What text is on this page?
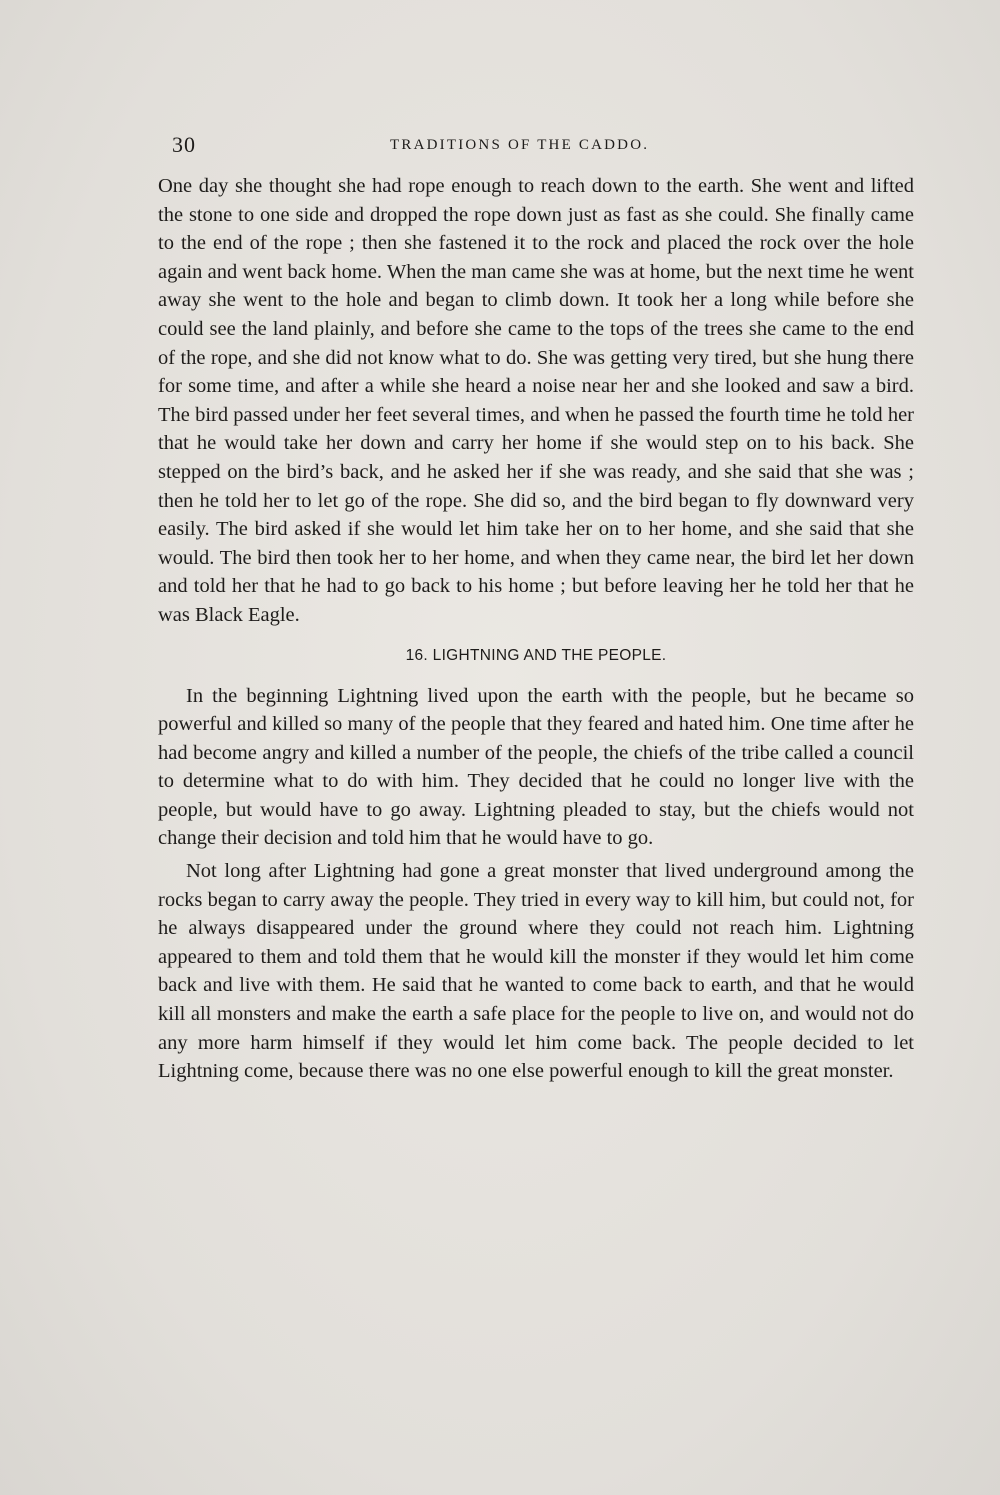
30	TRADITIONS OF THE CADDO.

One day she thought she had rope enough to reach down to the earth. She went and lifted the stone to one side and dropped the rope down just as fast as she could. She finally came to the end of the rope ; then she fastened it to the rock and placed the rock over the hole again and went back home. When the man came she was at home, but the next time he went away she went to the hole and began to climb down. It took her a long while before she could see the land plainly, and before she came to the tops of the trees she came to the end of the rope, and she did not know what to do. She was getting very tired, but she hung there for some time, and after a while she heard a noise near her and she looked and saw a bird. The bird passed under her feet several times, and when he passed the fourth time he told her that he would take her down and carry her home if she would step on to his back. She stepped on the bird’s back, and he asked her if she was ready, and she said that she was ; then he told her to let go of the rope. She did so, and the bird began to fly downward very easily. The bird asked if she would let him take her on to her home, and she said that she would. The bird then took her to her home, and when they came near, the bird let her down and told her that he had to go back to his home ; but before leaving her he told her that he was Black Eagle.

16. LIGHTNING AND THE PEOPLE.

In the beginning Lightning lived upon the earth with the people, but he became so powerful and killed so many of the people that they feared and hated him. One time after he had become angry and killed a number of the people, the chiefs of the tribe called a council to determine what to do with him. They decided that he could no longer live with the people, but would have to go away. Lightning pleaded to stay, but the chiefs would not change their decision and told him that he would have to go.

Not long after Lightning had gone a great monster that lived underground among the rocks began to carry away the people. They tried in every way to kill him, but could not, for he always disappeared under the ground where they could not reach him. Lightning appeared to them and told them that he would kill the monster if they would let him come back and live with them. He said that he wanted to come back to earth, and that he would kill all monsters and make the earth a safe place for the people to live on, and would not do any more harm himself if they would let him come back. The people decided to let Lightning come, because there was no one else powerful enough to kill the great monster.
